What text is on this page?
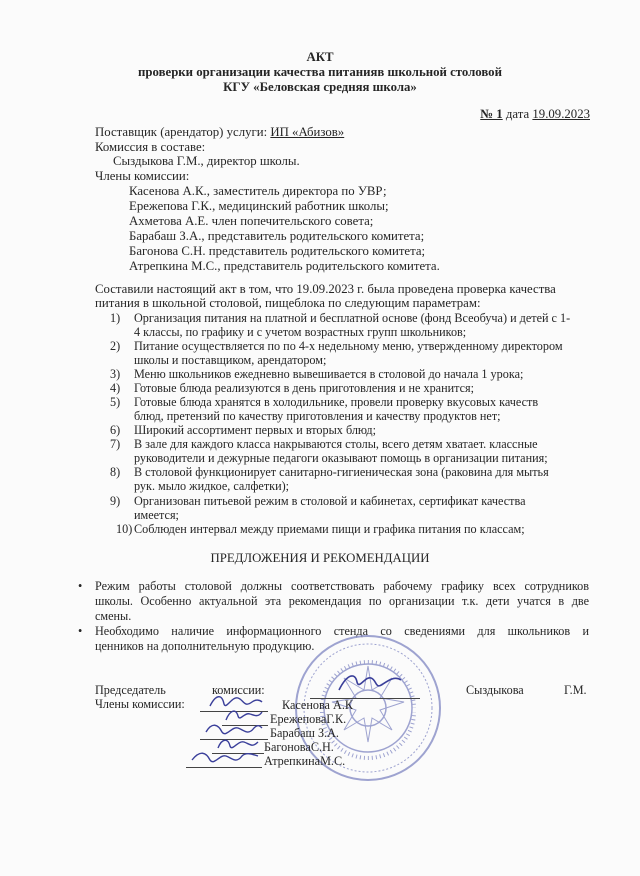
АКТ
проверки организации качества питанияв школьной столовой
КГУ «Беловская средняя школа»
№ 1 дата 19.09.2023
Поставщик (арендатор) услуги: ИП «Абизов»
Комиссия в составе:
Сыздыкова Г.М., директор школы.
Члены комиссии:
Касенова А.К., заместитель директора по УВР;
Ережепова Г.К., медицинский работник школы;
Ахметова А.Е. член попечительского совета;
Барабаш З.А., представитель родительского комитета;
Багонова С.Н. представитель родительского комитета;
Атрепкина М.С., представитель родительского комитета.
Составили настоящий акт в том, что 19.09.2023 г. была проведена проверка качества
питания в школьной столовой, пищеблока по следующим параметрам:
1) Организация питания на платной и бесплатной основе (фонд Всеобуча) и детей с 1-
4 классы, по графику и с учетом возрастных групп школьников;
2) Питание осуществляется по по 4-х недельному меню, утвержденному директором
школы и поставщиком, арендатором;
3) Меню школьников ежедневно вывешивается в столовой до начала 1 урока;
4) Готовые блюда реализуются в день приготовления и не хранится;
5) Готовые блюда хранятся в холодильнике, провели проверку вкусовых качеств
блюд, претензий по качеству приготовления и качеству продуктов нет;
6) Широкий ассортимент первых и вторых блюд;
7) В зале для каждого класса накрываются столы, всего детям хватает. классные
руководители и дежурные педагоги оказывают помощь в организации питания;
8) В столовой функционирует санитарно-гигиеническая зона (раковина для мытья
рук. мыло жидкое, салфетки);
9) Организован питьевой режим в столовой и кабинетах, сертификат качества
имеется;
10) Соблюден интервал между приемами пищи и графика питания по классам;
ПРЕДЛОЖЕНИЯ И РЕКОМЕНДАЦИИ
• Режим работы столовой должны соответствовать рабочему графику всех сотрудников
школы. Особенно актуальной эта рекомендация по организации т.к. дети учатся в две
смены.
• Необходимо наличие информационного стенда со сведениями для школьников и
ценников на дополнительную продукцию.
Председатель	комиссии:	Сыздыкова	Г.М.
Члены комиссии:	Касенова А.К
ЕрежеповаГ.К.
Барабаш З.А.
БагоноваС.Н.
АтрепкинаМ.С.
